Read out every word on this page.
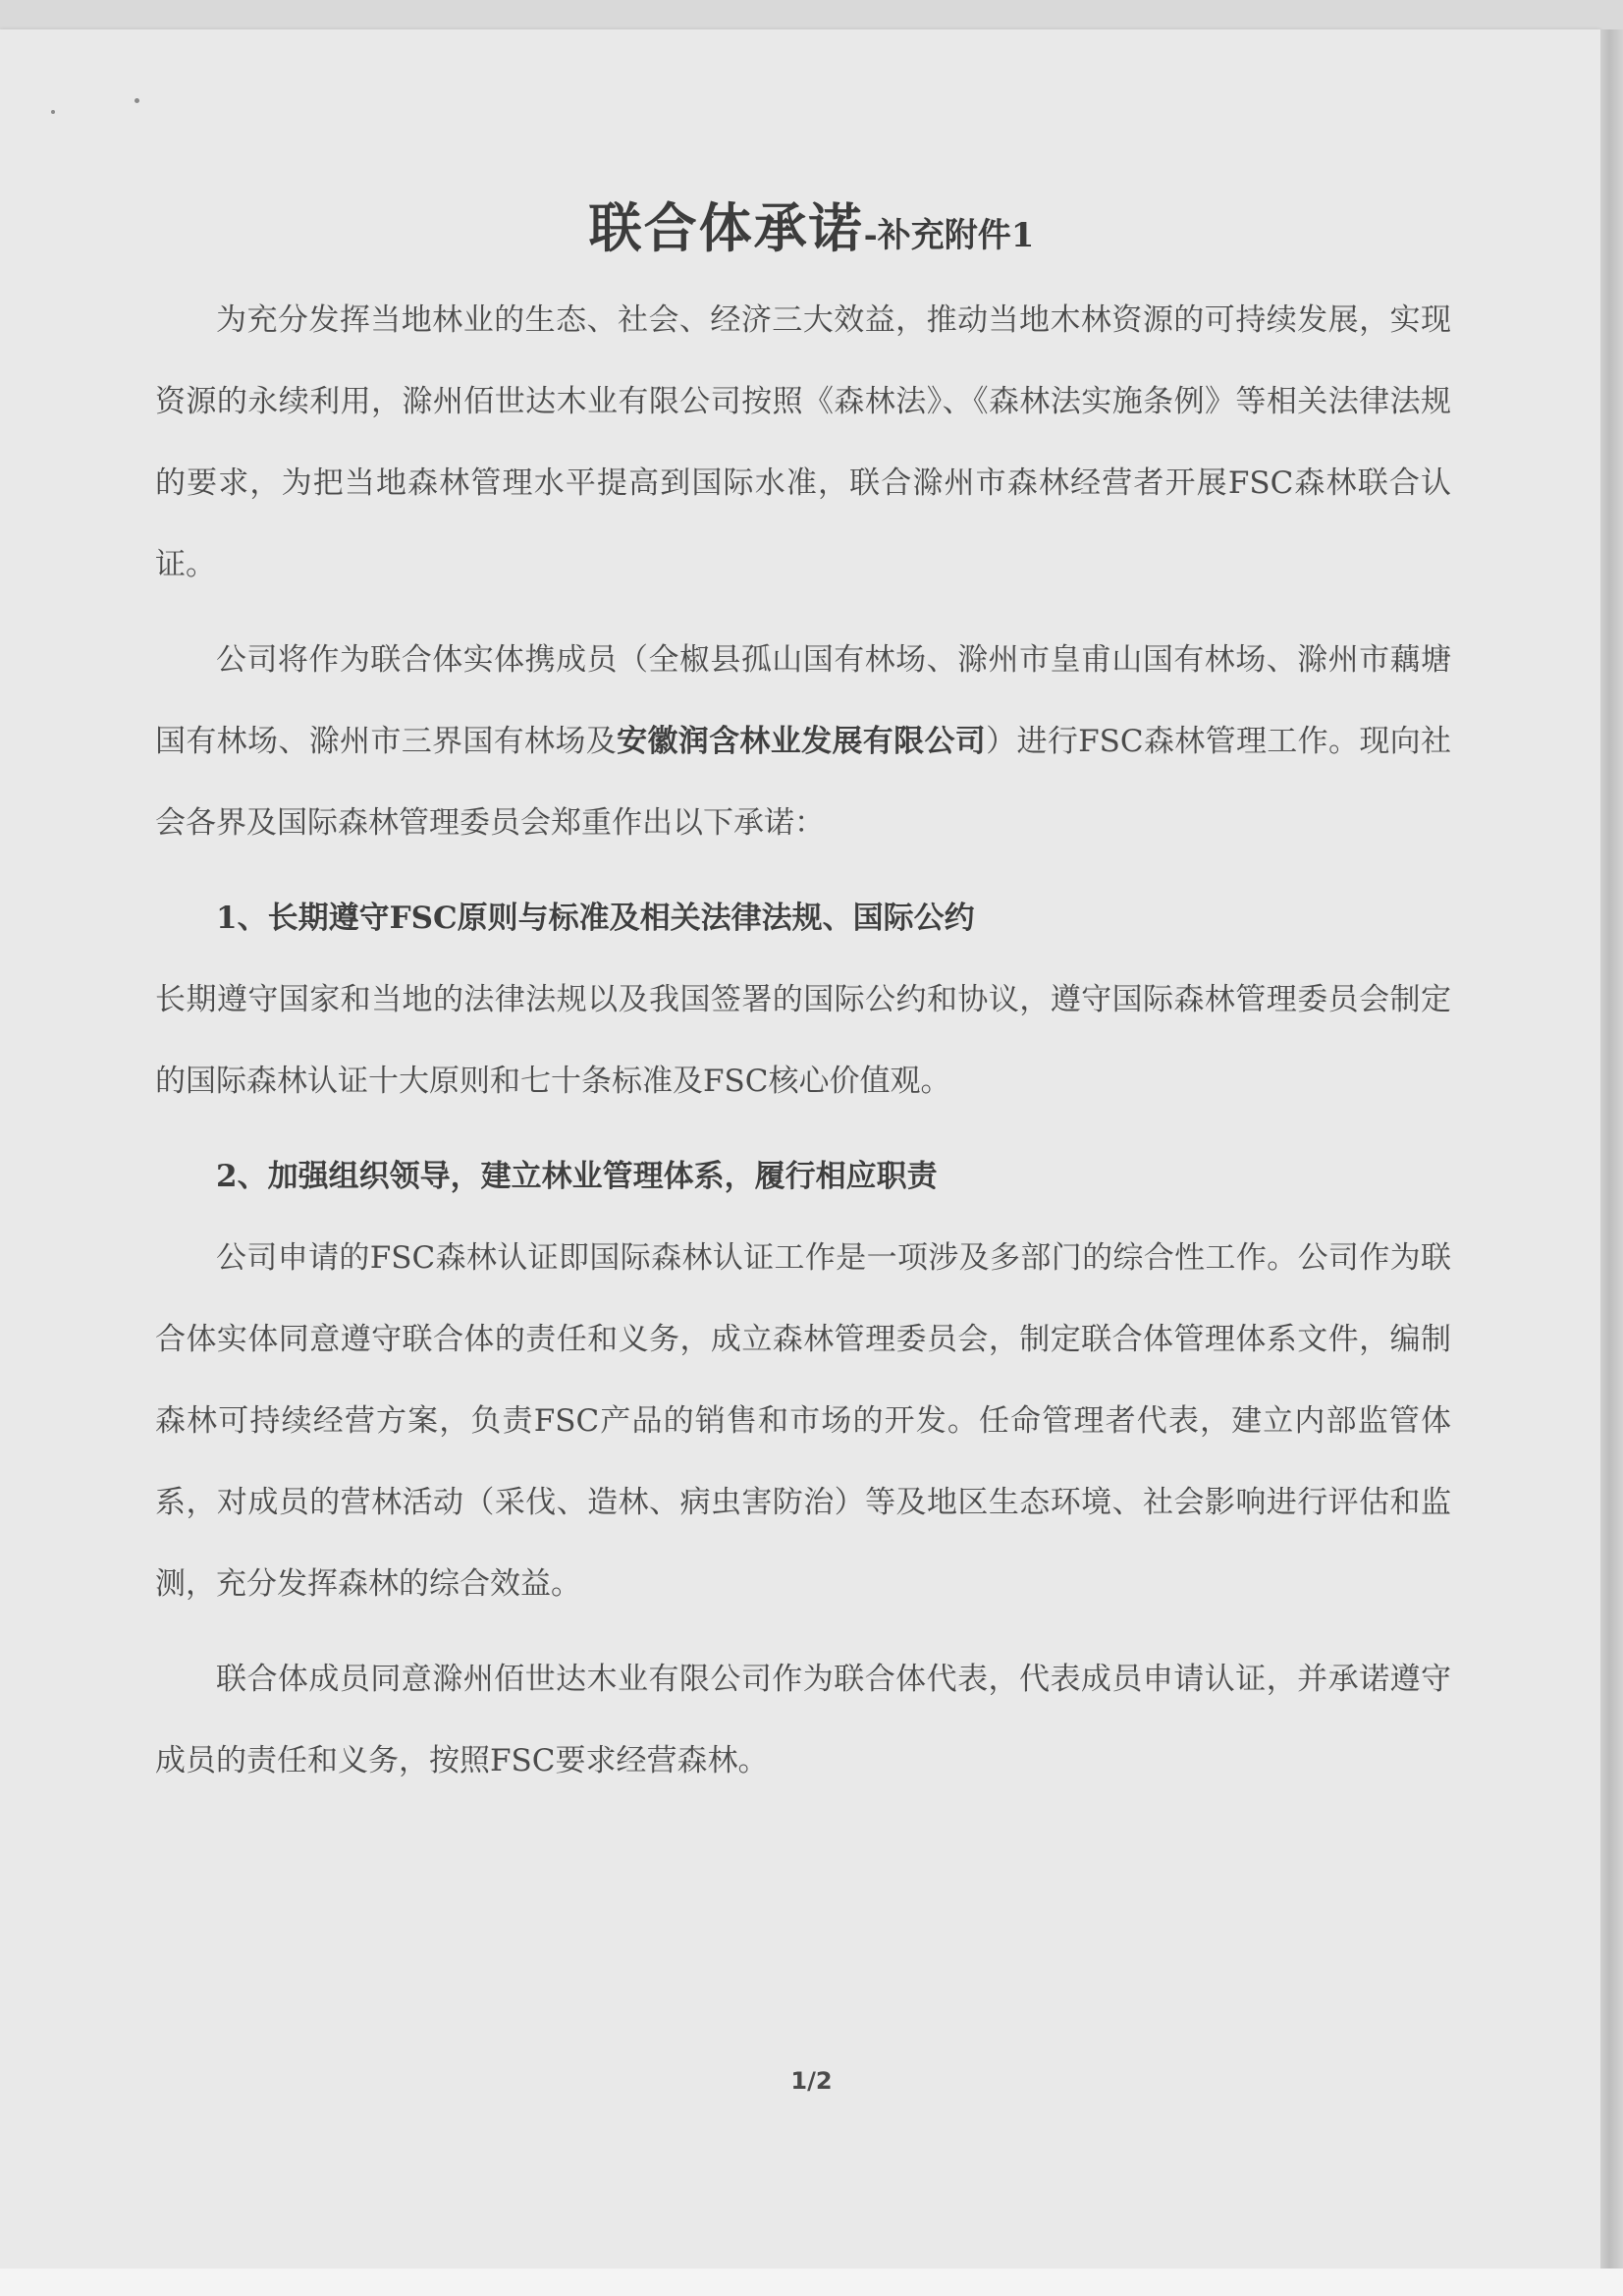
联合体承诺-补充附件1

为充分发挥当地林业的生态、社会、经济三大效益，推动当地木林资源的可持续发展，实现资源的永续利用，滁州佰世达木业有限公司按照《森林法》、《森林法实施条例》等相关法律法规的要求，为把当地森林管理水平提高到国际水准，联合滁州市森林经营者开展FSC森林联合认证。

公司将作为联合体实体携成员（全椒县孤山国有林场、滁州市皇甫山国有林场、滁州市藕塘国有林场、滁州市三界国有林场及安徽润含林业发展有限公司）进行FSC森林管理工作。现向社会各界及国际森林管理委员会郑重作出以下承诺：

1、长期遵守FSC原则与标准及相关法律法规、国际公约

长期遵守国家和当地的法律法规以及我国签署的国际公约和协议，遵守国际森林管理委员会制定的国际森林认证十大原则和七十条标准及FSC核心价值观。

2、加强组织领导，建立林业管理体系，履行相应职责

公司申请的FSC森林认证即国际森林认证工作是一项涉及多部门的综合性工作。公司作为联合体实体同意遵守联合体的责任和义务，成立森林管理委员会，制定联合体管理体系文件，编制森林可持续经营方案，负责FSC产品的销售和市场的开发。任命管理者代表，建立内部监管体系，对成员的营林活动（采伐、造林、病虫害防治）等及地区生态环境、社会影响进行评估和监测，充分发挥森林的综合效益。

联合体成员同意滁州佰世达木业有限公司作为联合体代表，代表成员申请认证，并承诺遵守成员的责任和义务，按照FSC要求经营森林。

1/2
